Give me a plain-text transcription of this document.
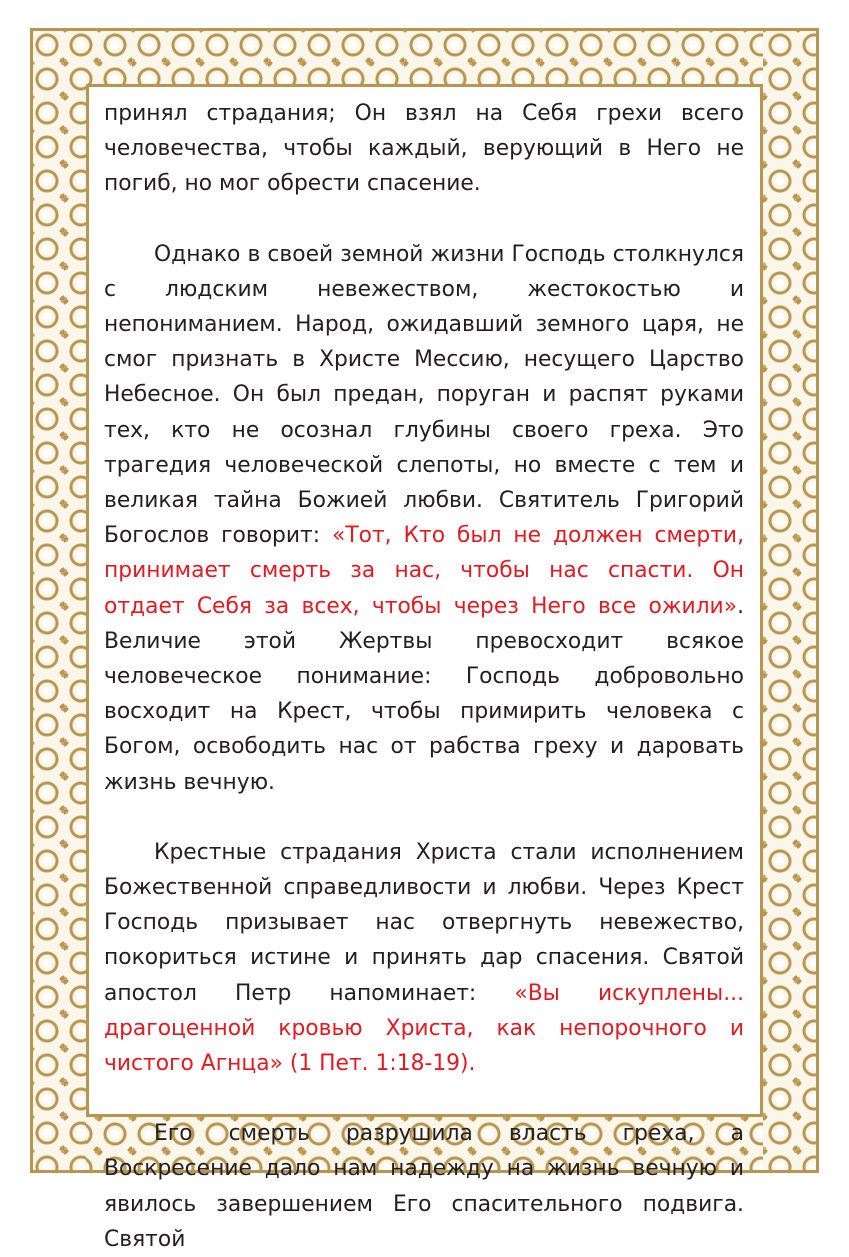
принял страдания; Он взял на Себя грехи всего человечества, чтобы каждый, верующий в Него не погиб, но мог обрести спасение.

Однако в своей земной жизни Господь столкнулся с людским невежеством, жестокостью и непониманием. Народ, ожидавший земного царя, не смог признать в Христе Мессию, несущего Царство Небесное. Он был предан, поруган и распят руками тех, кто не осознал глубины своего греха. Это трагедия человеческой слепоты, но вместе с тем и великая тайна Божией любви. Святитель Григорий Богослов говорит: «Тот, Кто был не должен смерти, принимает смерть за нас, чтобы нас спасти. Он отдает Себя за всех, чтобы через Него все ожили». Величие этой Жертвы превосходит всякое человеческое понимание: Господь добровольно восходит на Крест, чтобы примирить человека с Богом, освободить нас от рабства греху и даровать жизнь вечную.

Крестные страдания Христа стали исполнением Божественной справедливости и любви. Через Крест Господь призывает нас отвергнуть невежество, покориться истине и принять дар спасения. Святой апостол Петр напоминает: «Вы искуплены... драгоценной кровью Христа, как непорочного и чистого Агнца» (1 Пет. 1:18-19).

Его смерть разрушила власть греха, а Воскресение дало нам надежду на жизнь вечную и явилось завершением Его спасительного подвига. Святой
